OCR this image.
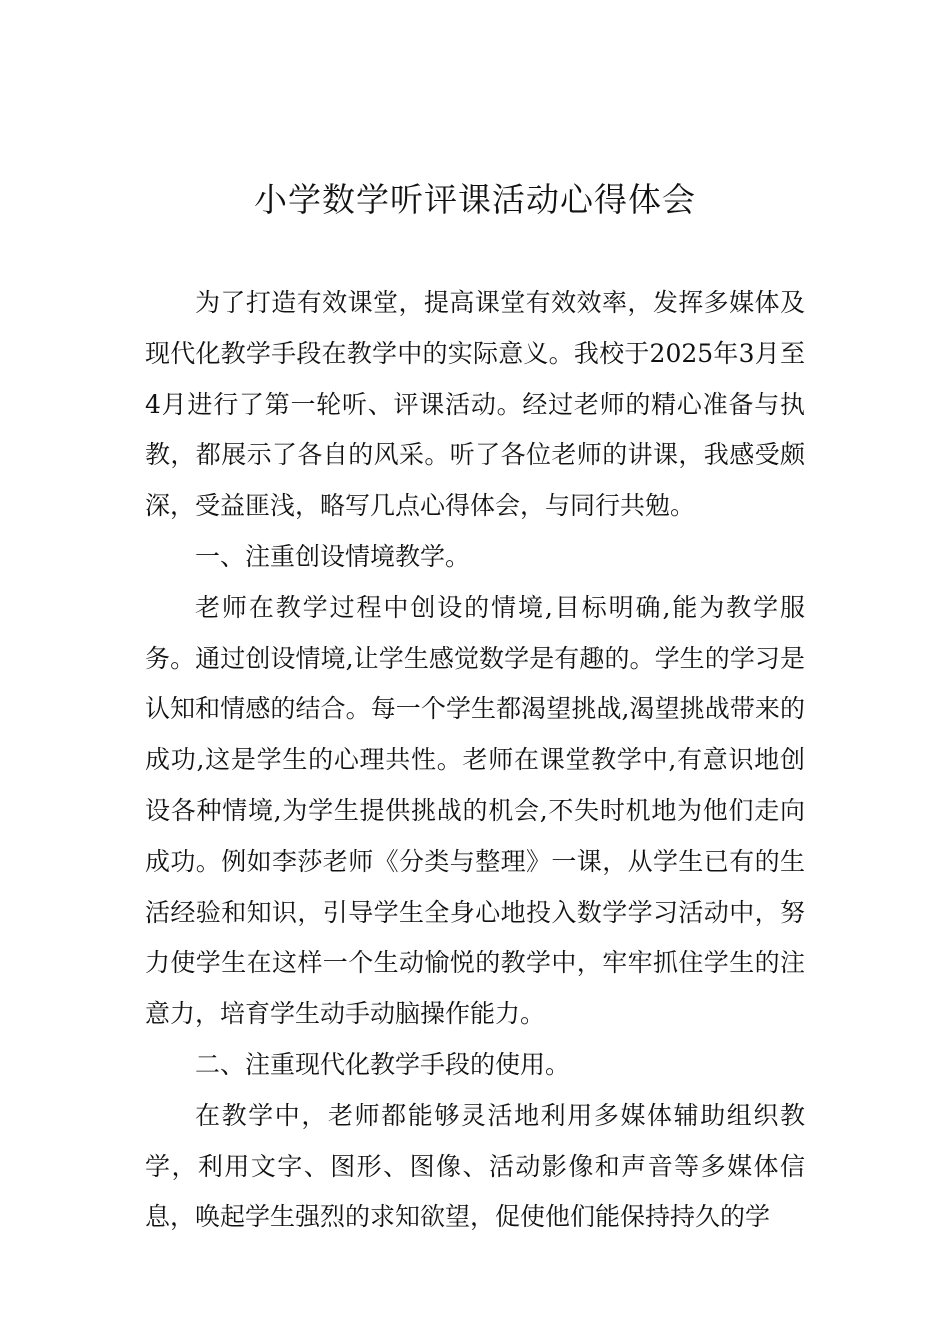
小学数学听评课活动心得体会

为了打造有效课堂，提高课堂有效效率，发挥多媒体及现代化教学手段在教学中的实际意义。我校于2025年3月至4月进行了第一轮听、评课活动。经过老师的精心准备与执教，都展示了各自的风采。听了各位老师的讲课，我感受颇深，受益匪浅，略写几点心得体会，与同行共勉。

一、注重创设情境教学。

老师在教学过程中创设的情境,目标明确,能为教学服务。通过创设情境,让学生感觉数学是有趣的。学生的学习是认知和情感的结合。每一个学生都渴望挑战,渴望挑战带来的成功,这是学生的心理共性。老师在课堂教学中,有意识地创设各种情境,为学生提供挑战的机会,不失时机地为他们走向成功。例如李莎老师《分类与整理》一课，从学生已有的生活经验和知识，引导学生全身心地投入数学学习活动中，努力使学生在这样一个生动愉悦的教学中，牢牢抓住学生的注意力，培育学生动手动脑操作能力。

二、注重现代化教学手段的使用。

在教学中，老师都能够灵活地利用多媒体辅助组织教学，利用文字、图形、图像、活动影像和声音等多媒体信息，唤起学生强烈的求知欲望，促使他们能保持持久的学
